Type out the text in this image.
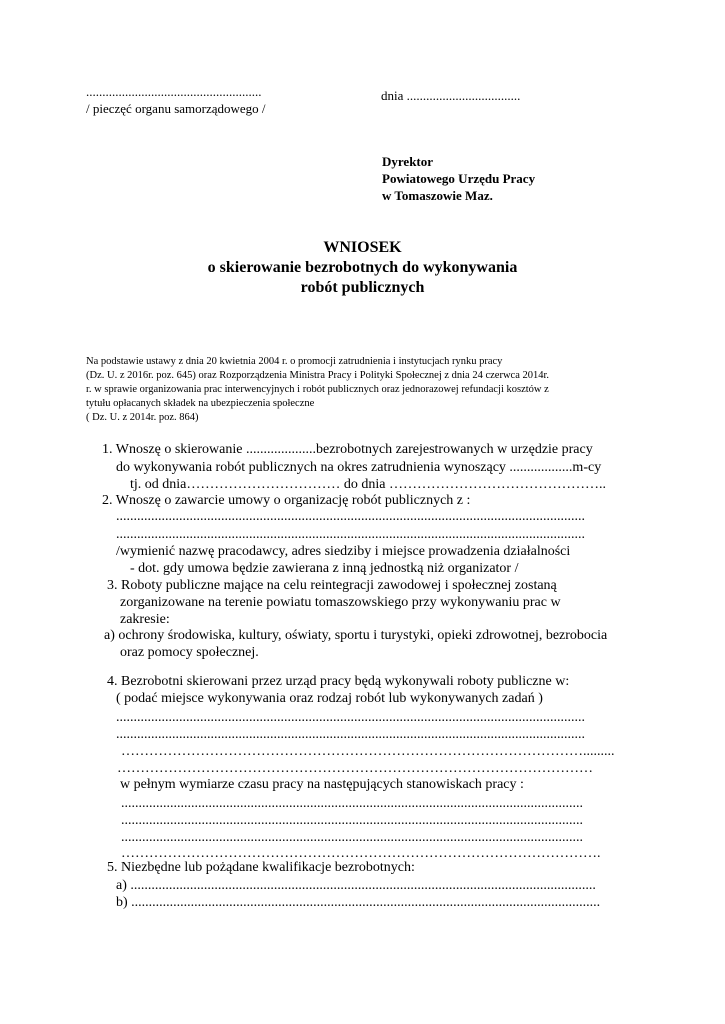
......................................................
/ pieczęć organu samorządowego /
dnia ...................................
Dyrektor
Powiatowego Urzędu Pracy
w Tomaszowie Maz.
WNIOSEK
o skierowanie bezrobotnych do wykonywania
robót publicznych
Na podstawie ustawy z dnia 20 kwietnia 2004 r. o promocji zatrudnienia i instytucjach rynku pracy
(Dz. U. z 2016r. poz. 645) oraz Rozporządzenia Ministra Pracy i Polityki Społecznej z dnia 24 czerwca 2014r.
r. w sprawie organizowania prac interwencyjnych i robót publicznych oraz jednorazowej refundacji kosztów z
tytułu opłacanych składek na ubezpieczenia społeczne
( Dz. U. z 2014r. poz. 864)
1. Wnoszę o skierowanie ....................bezrobotnych zarejestrowanych w urzędzie pracy
do wykonywania robót publicznych na okres zatrudnienia wynoszący ..................m-cy
tj. od dnia…………………………… do dnia ………………………………………..
2. Wnoszę o zawarcie umowy o organizację robót publicznych z :
......................................................................................................................................
......................................................................................................................................
/wymienić nazwę pracodawcy, adres siedziby i miejsce prowadzenia działalności
- dot. gdy umowa będzie zawierana z inną jednostką niż organizator /
3. Roboty publiczne mające na celu reintegracji zawodowej i społecznej zostaną
zorganizowane na terenie powiatu tomaszowskiego przy wykonywaniu prac w
zakresie:
a) ochrony środowiska, kultury, oświaty, sportu i turystyki, opieki zdrowotnej, bezrobocia
oraz pomocy społecznej.
4. Bezrobotni skierowani przez urząd pracy będą wykonywali roboty publiczne w:
( podać miejsce wykonywania oraz rodzaj robót lub wykonywanych zadań )
......................................................................................................................................
......................................................................................................................................
……………………………………………………………………………………….........
…………………………………………………………………………………………
w pełnym wymiarze czasu pracy na następujących stanowiskach pracy :
....................................................................................................................................
....................................................................................................................................
....................................................................................................................................
………………………………………………………………………………………….
5. Niezbędne lub pożądane kwalifikacje bezrobotnych:
a) .....................................................................................................................................
b) ......................................................................................................................................
